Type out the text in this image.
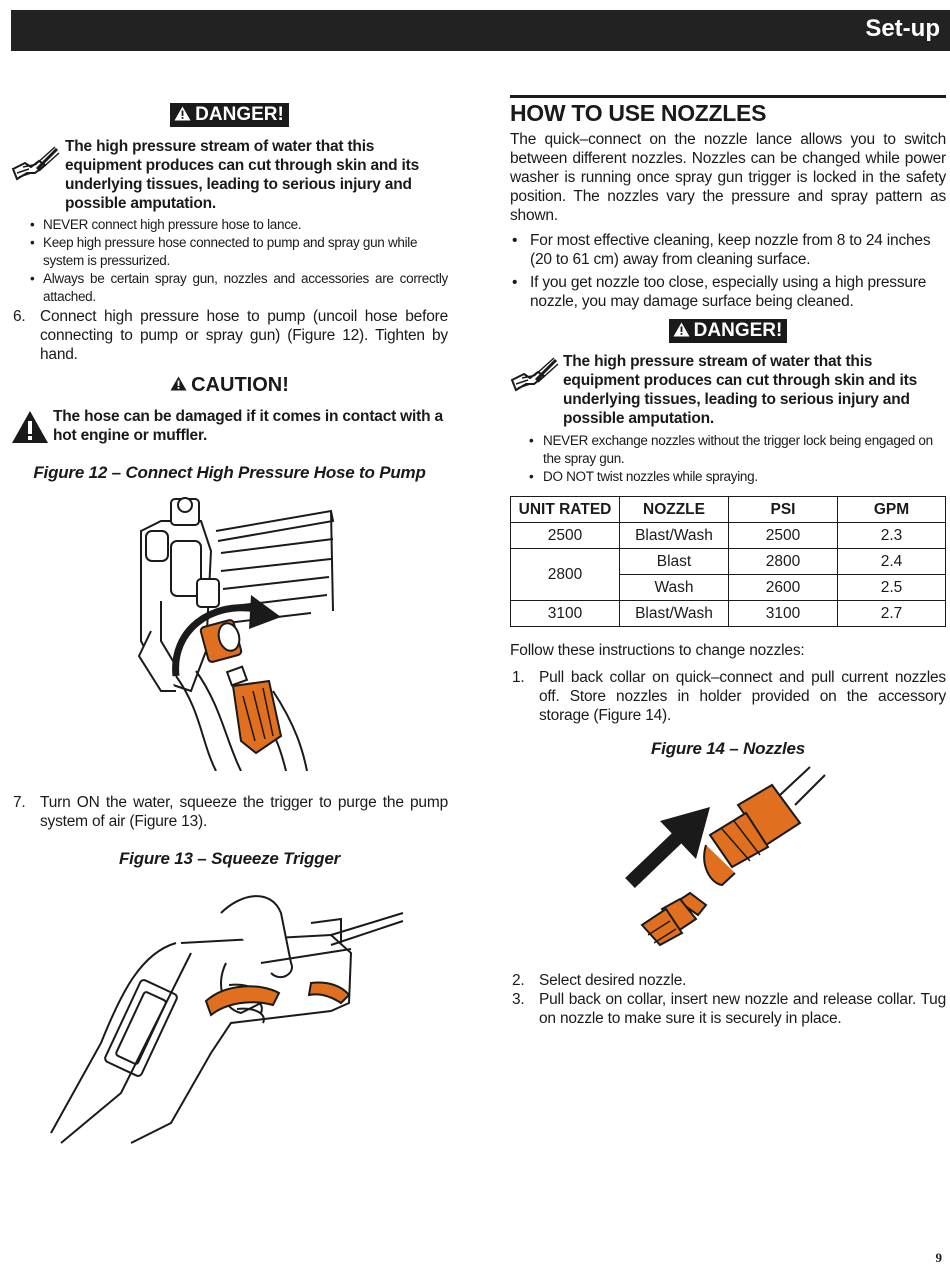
Set-up
DANGER!
The high pressure stream of water that this equipment produces can cut through skin and its underlying tissues, leading to serious injury and possible amputation.
• NEVER connect high pressure hose to lance.
• Keep high pressure hose connected to pump and spray gun while system is pressurized.
• Always be certain spray gun, nozzles and accessories are correctly attached.
6. Connect high pressure hose to pump (uncoil hose before connecting to pump or spray gun) (Figure 12). Tighten by hand.
CAUTION!
The hose can be damaged if it comes in contact with a hot engine or muffler.
Figure 12 – Connect High Pressure Hose to Pump
7. Turn ON the water, squeeze the trigger to purge the pump system of air (Figure 13).
Figure 13 – Squeeze Trigger
HOW TO USE NOZZLES
The quick–connect on the nozzle lance allows you to switch between different nozzles. Nozzles can be changed while power washer is running once spray gun trigger is locked in the safety position. The nozzles vary the pressure and spray pattern as shown.
• For most effective cleaning, keep nozzle from 8 to 24 inches (20 to 61 cm) away from cleaning surface.
• If you get nozzle too close, especially using a high pressure nozzle, you may damage surface being cleaned.
DANGER!
The high pressure stream of water that this equipment produces can cut through skin and its underlying tissues, leading to serious injury and possible amputation.
• NEVER exchange nozzles without the trigger lock being engaged on the spray gun.
• DO NOT twist nozzles while spraying.
UNIT RATED	NOZZLE	PSI	GPM
2500	Blast/Wash	2500	2.3
2800	Blast	2800	2.4
	Wash	2600	2.5
3100	Blast/Wash	3100	2.7
Follow these instructions to change nozzles:
1. Pull back collar on quick–connect and pull current nozzles off. Store nozzles in holder provided on the accessory storage (Figure 14).
Figure 14 – Nozzles
2. Select desired nozzle.
3. Pull back on collar, insert new nozzle and release collar. Tug on nozzle to make sure it is securely in place.
9
